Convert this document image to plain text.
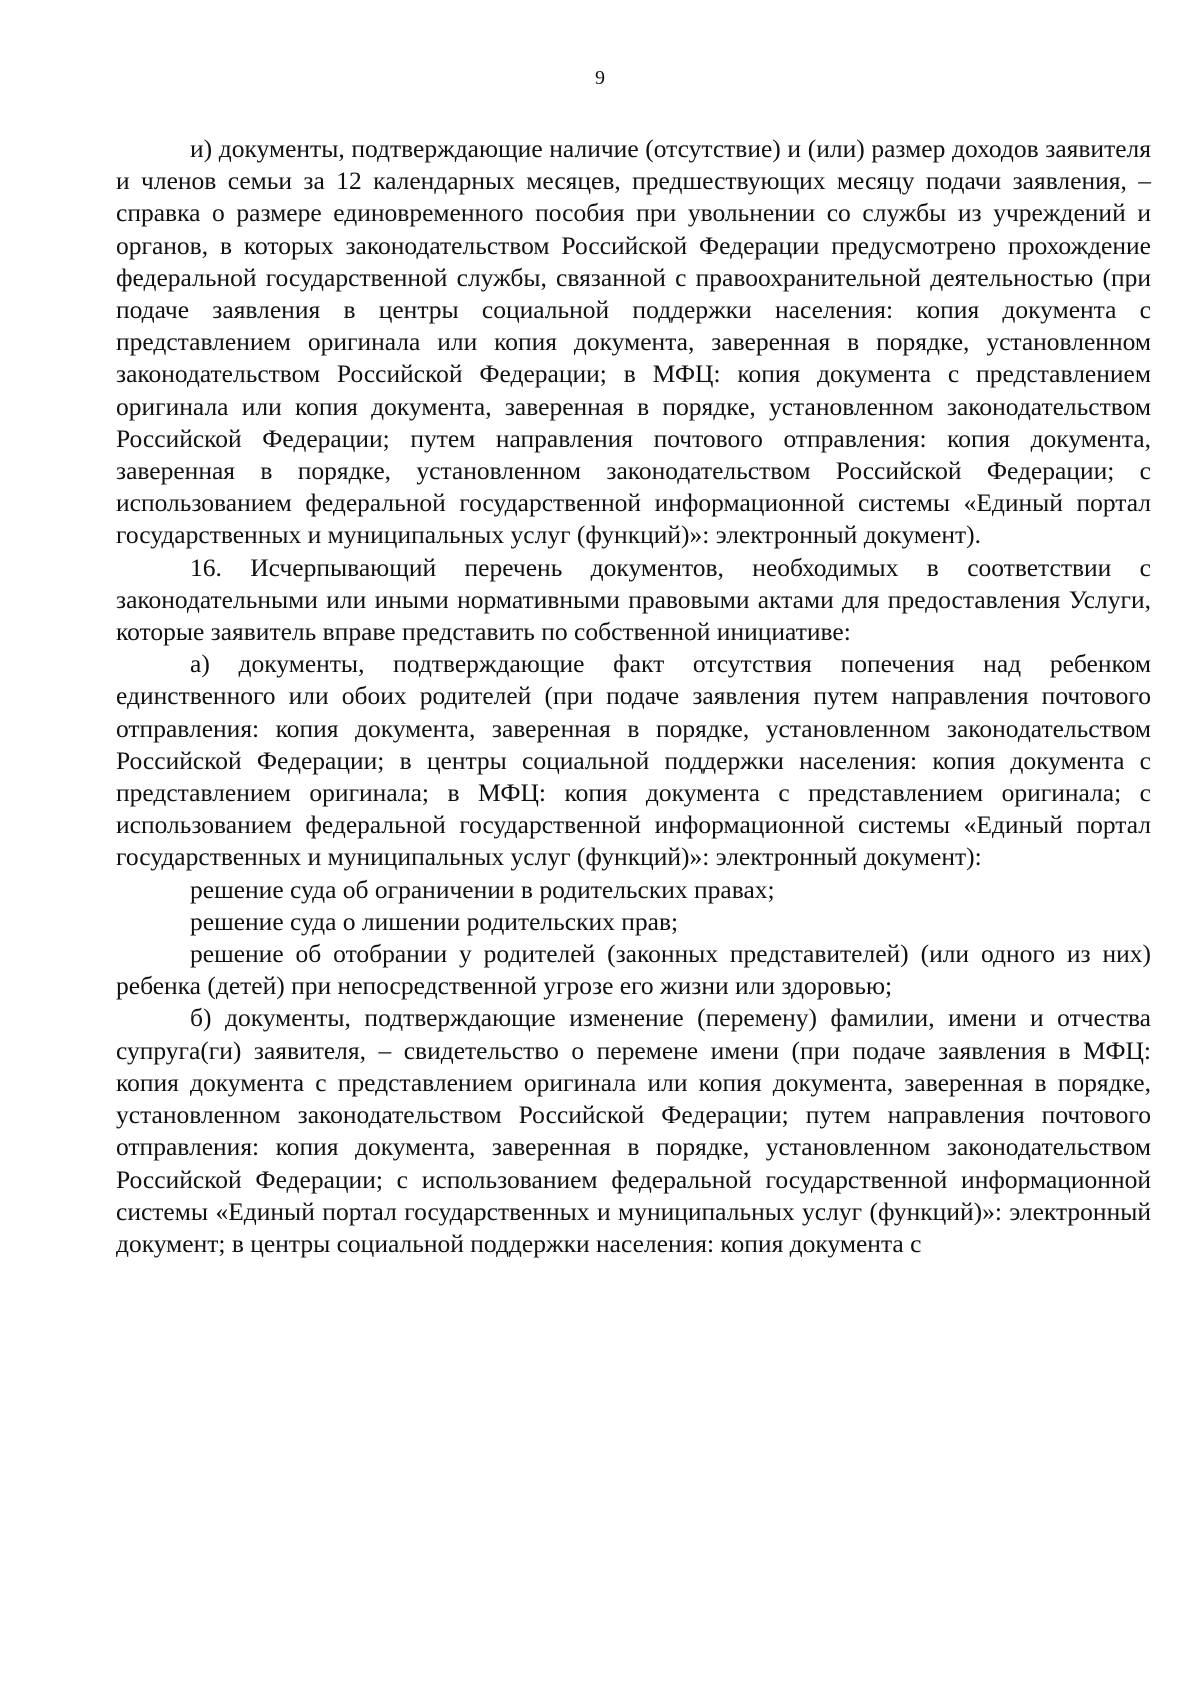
9

и) документы, подтверждающие наличие (отсутствие) и (или) размер доходов заявителя и членов семьи за 12 календарных месяцев, предшествующих месяцу подачи заявления, – справка о размере единовременного пособия при увольнении со службы из учреждений и органов, в которых законодательством Российской Федерации предусмотрено прохождение федеральной государственной службы, связанной с правоохранительной деятельностью (при подаче заявления в центры социальной поддержки населения: копия документа с представлением оригинала или копия документа, заверенная в порядке, установленном законодательством Российской Федерации; в МФЦ: копия документа с представлением оригинала или копия документа, заверенная в порядке, установленном законодательством Российской Федерации; путем направления почтового отправления: копия документа, заверенная в порядке, установленном законодательством Российской Федерации; с использованием федеральной государственной информационной системы «Единый портал государственных и муниципальных услуг (функций)»: электронный документ).

16. Исчерпывающий перечень документов, необходимых в соответствии с законодательными или иными нормативными правовыми актами для предоставления Услуги, которые заявитель вправе представить по собственной инициативе:

а) документы, подтверждающие факт отсутствия попечения над ребенком единственного или обоих родителей (при подаче заявления путем направления почтового отправления: копия документа, заверенная в порядке, установленном законодательством Российской Федерации; в центры социальной поддержки населения: копия документа с представлением оригинала; в МФЦ: копия документа с представлением оригинала; с использованием федеральной государственной информационной системы «Единый портал государственных и муниципальных услуг (функций)»: электронный документ):

решение суда об ограничении в родительских правах;

решение суда о лишении родительских прав;

решение об отобрании у родителей (законных представителей) (или одного из них) ребенка (детей) при непосредственной угрозе его жизни или здоровью;

б) документы, подтверждающие изменение (перемену) фамилии, имени и отчества супруга(ги) заявителя, – свидетельство о перемене имени (при подаче заявления в МФЦ: копия документа с представлением оригинала или копия документа, заверенная в порядке, установленном законодательством Российской Федерации; путем направления почтового отправления: копия документа, заверенная в порядке, установленном законодательством Российской Федерации; с использованием федеральной государственной информационной системы «Единый портал государственных и муниципальных услуг (функций)»: электронный документ; в центры социальной поддержки населения: копия документа с
